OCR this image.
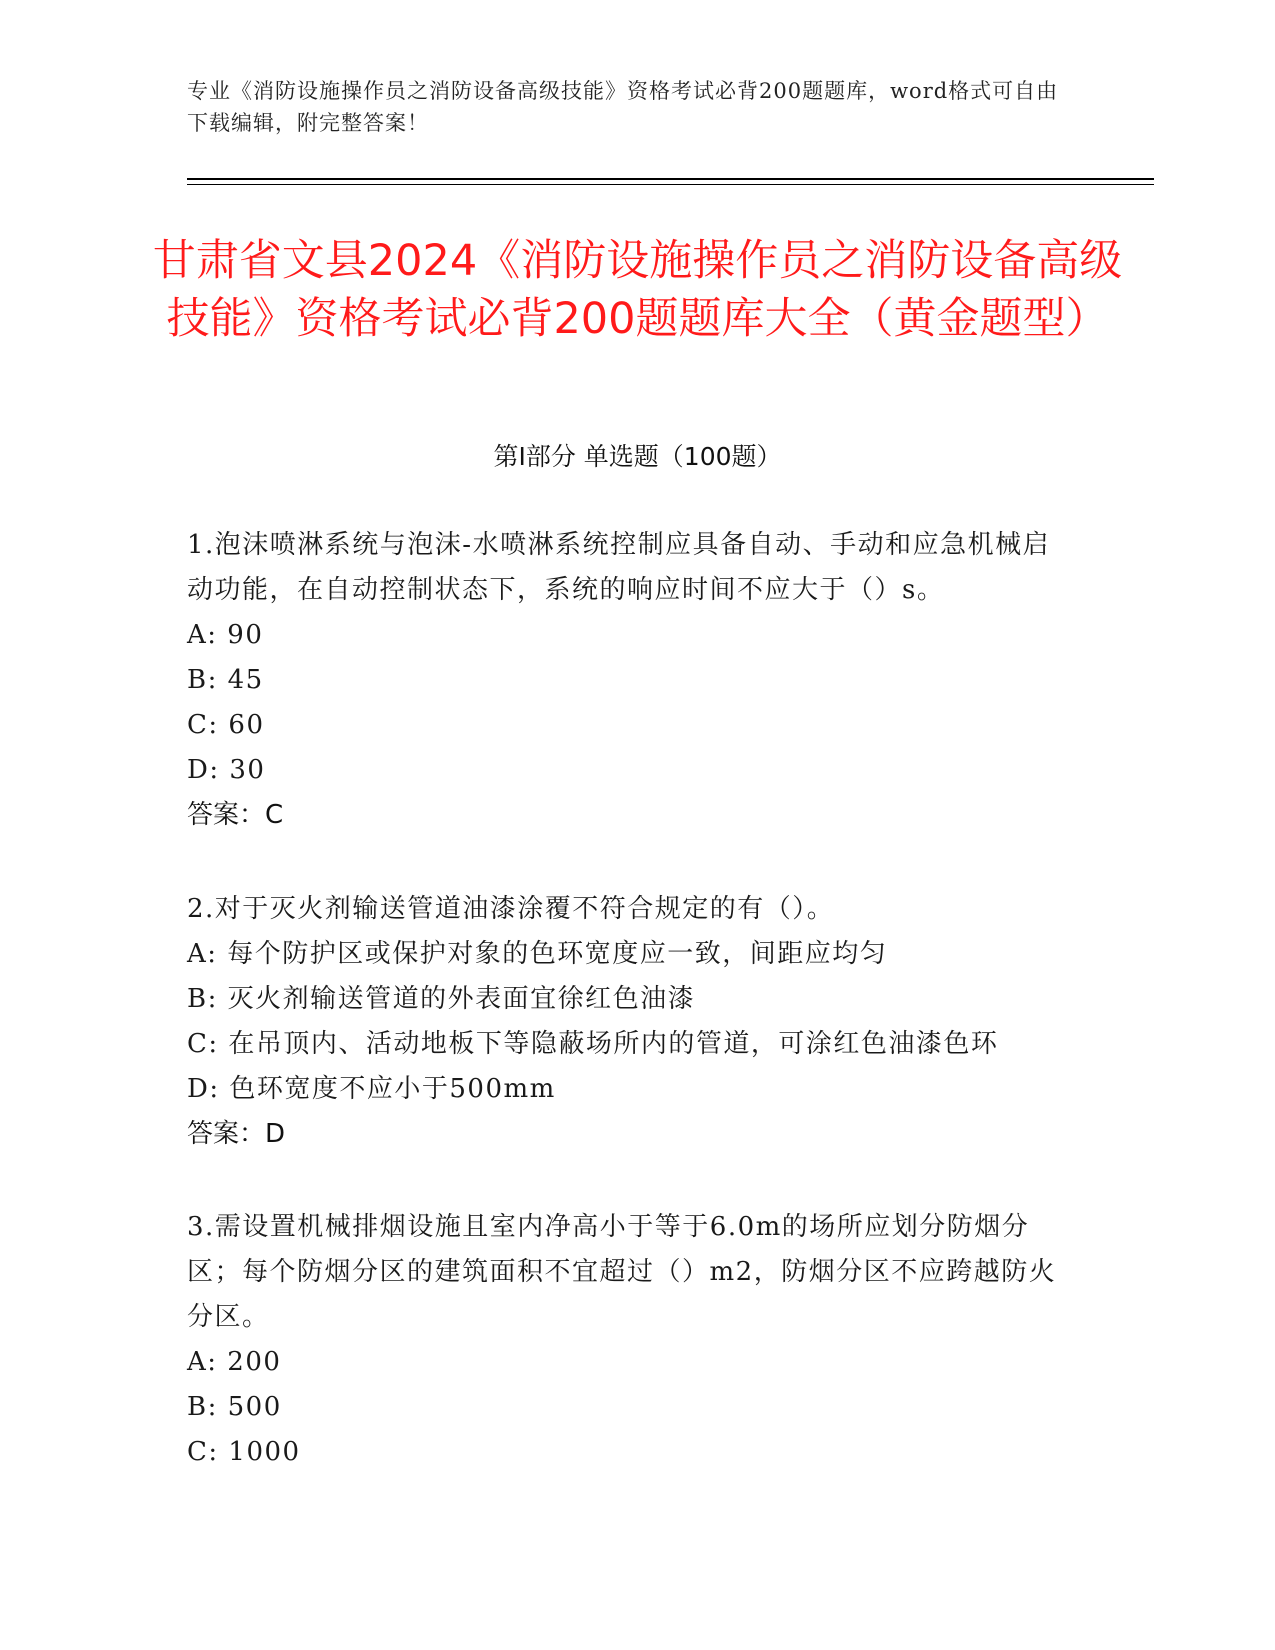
专业《消防设施操作员之消防设备高级技能》资格考试必背200题题库，word格式可自由下载编辑，附完整答案！
甘肃省文县2024《消防设施操作员之消防设备高级技能》资格考试必背200题题库大全（黄金题型）
第I部分 单选题（100题）
1.泡沫喷淋系统与泡沫-水喷淋系统控制应具备自动、手动和应急机械启动功能，在自动控制状态下，系统的响应时间不应大于（）s。
A: 90
B: 45
C: 60
D: 30
答案：C
2.对于灭火剂输送管道油漆涂覆不符合规定的有（）。
A: 每个防护区或保护对象的色环宽度应一致，间距应均匀
B: 灭火剂输送管道的外表面宜徐红色油漆
C: 在吊顶内、活动地板下等隐蔽场所内的管道，可涂红色油漆色环
D: 色环宽度不应小于500mm
答案：D
3.需设置机械排烟设施且室内净高小于等于6.0m的场所应划分防烟分区；每个防烟分区的建筑面积不宜超过（）m2，防烟分区不应跨越防火分区。
A: 200
B: 500
C: 1000
